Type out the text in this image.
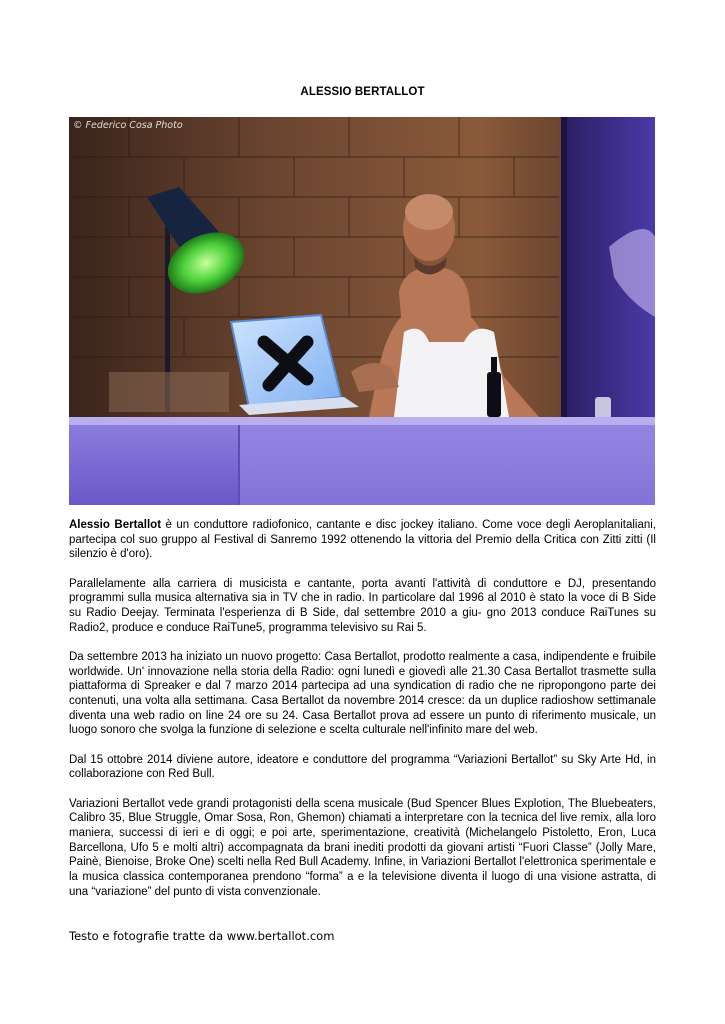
ALESSIO BERTALLOT
© Federico Cosa Photo

Alessio Bertallot è un conduttore radiofonico, cantante e disc jockey italiano. Come voce degli Aeroplanitaliani, partecipa col suo gruppo al Festival di Sanremo 1992 ottenendo la vittoria del Premio della Critica con Zitti zitti (Il silenzio è d'oro).

Parallelamente alla carriera di musicista e cantante, porta avanti l'attività di conduttore e DJ, presentando programmi sulla musica alternativa sia in TV che in radio. In particolare dal 1996 al 2010 è stato la voce di B Side su Radio Deejay. Terminata l'esperienza di B Side, dal settembre 2010 a giu- gno 2013 conduce RaiTunes su Radio2, produce e conduce RaiTune5, programma televisivo su Rai 5.

Da settembre 2013 ha iniziato un nuovo progetto: Casa Bertallot, prodotto realmente a casa, indipendente e fruibile worldwide. Un' innovazione nella storia della Radio: ogni lunedì e giovedì alle 21.30 Casa Bertallot trasmette sulla piattaforma di Spreaker e dal 7 marzo 2014 partecipa ad una syndication di radio che ne ripropongono parte dei contenuti, una volta alla settimana. Casa Bertallot da novembre 2014 cresce: da un duplice radioshow settimanale diventa una web radio on line 24 ore su 24. Casa Bertallot prova ad essere un punto di riferimento musicale, un luogo sonoro che svolga la funzione di selezione e scelta culturale nell'infinito mare del web.

Dal 15 ottobre 2014 diviene autore, ideatore e conduttore del programma “Variazioni Bertallot” su Sky Arte Hd, in collaborazione con Red Bull.

Variazioni Bertallot vede grandi protagonisti della scena musicale (Bud Spencer Blues Explotion, The Bluebeaters, Calibro 35, Blue Struggle, Omar Sosa, Ron, Ghemon) chiamati a interpretare con la tecnica del live remix, alla loro maniera, successi di ieri e di oggi; e poi arte, sperimentazione, creatività (Michelangelo Pistoletto, Eron, Luca Barcellona, Ufo 5 e molti altri) accompagnata da brani inediti prodotti da giovani artisti “Fuori Classe” (Jolly Mare, Painè, Bienoise, Broke One) scelti nella Red Bull Academy. Infine, in Variazioni Bertallot l'elettronica sperimentale e la musica classica contemporanea prendono “forma” a e la televisione diventa il luogo di una visione astratta, di una “variazione” del punto di vista convenzionale.

Testo e fotografie tratte da www.bertallot.com
